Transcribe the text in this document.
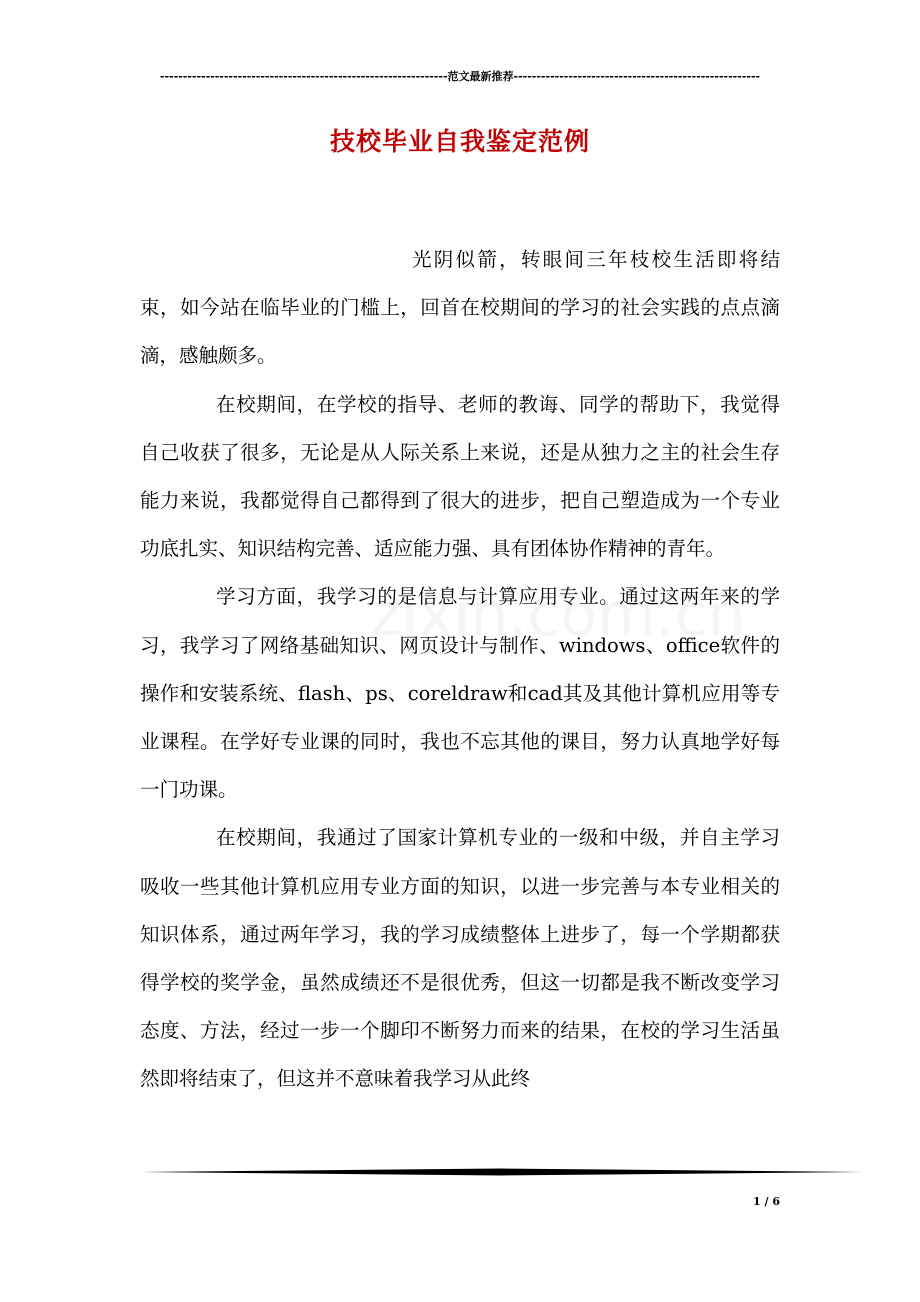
---------------------------------------------------------------范文最新推荐------------------------------------------------------
技校毕业自我鉴定范例

光阴似箭，转眼间三年枝校生活即将结束，如今站在临毕业的门槛上，回首在校期间的学习的社会实践的点点滴滴，感触颇多。

在校期间，在学校的指导、老师的教诲、同学的帮助下，我觉得自己收获了很多，无论是从人际关系上来说，还是从独力之主的社会生存能力来说，我都觉得自己都得到了很大的进步，把自己塑造成为一个专业功底扎实、知识结构完善、适应能力强、具有团体协作精神的青年。

学习方面，我学习的是信息与计算应用专业。通过这两年来的学习，我学习了网络基础知识、网页设计与制作、windows、office软件的操作和安装系统、flash、ps、coreldraw和cad其及其他计算机应用等专业课程。在学好专业课的同时，我也不忘其他的课目，努力认真地学好每一门功课。

在校期间，我通过了国家计算机专业的一级和中级，并自主学习吸收一些其他计算机应用专业方面的知识，以进一步完善与本专业相关的知识体系，通过两年学习，我的学习成绩整体上进步了，每一个学期都获得学校的奖学金，虽然成绩还不是很优秀，但这一切都是我不断改变学习态度、方法，经过一步一个脚印不断努力而来的结果，在校的学习生活虽然即将结束了，但这并不意味着我学习从此终

1 / 6
